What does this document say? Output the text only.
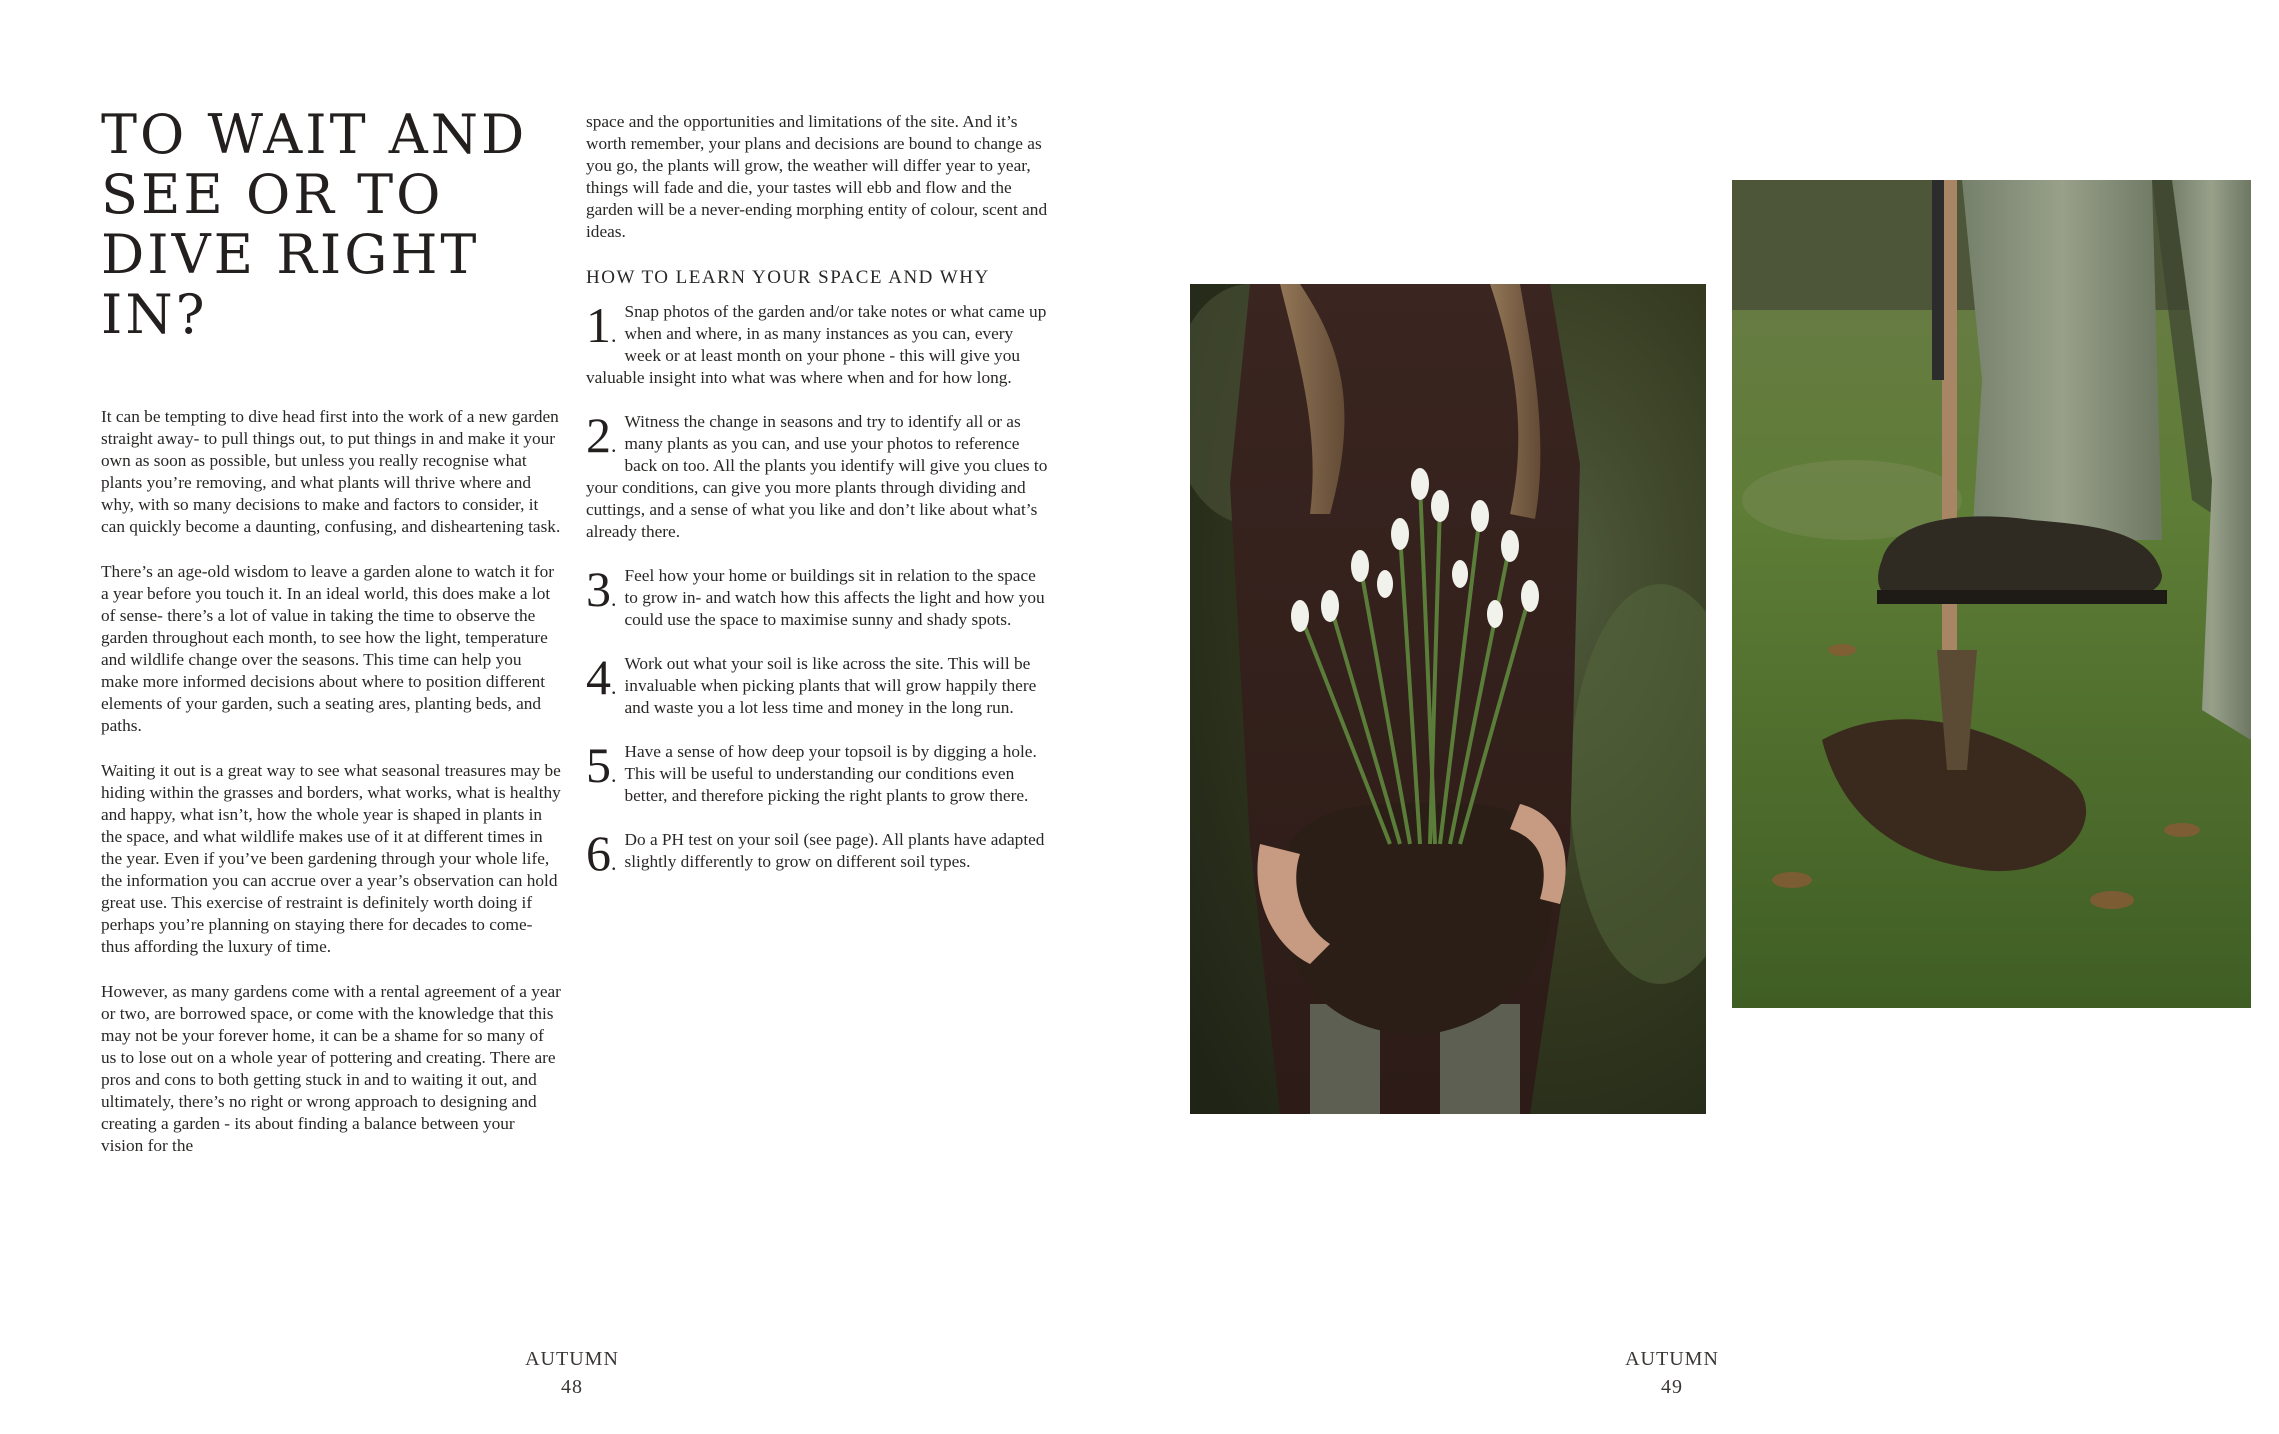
TO WAIT AND SEE OR TO DIVE RIGHT IN?

It can be tempting to dive head first into the work of a new garden straight away- to pull things out, to put things in and make it your own as soon as possible, but unless you really recognise what plants you’re removing, and what plants will thrive where and why, with so many decisions to make and factors to consider, it can quickly become a daunting, confusing, and disheartening task.

There’s an age-old wisdom to leave a garden alone to watch it for a year before you touch it. In an ideal world, this does make a lot of sense- there’s a lot of value in taking the time to observe the garden throughout each month, to see how the light, temperature and wildlife change over the seasons. This time can help you make more informed decisions about where to position different elements of your garden, such a seating ares, planting beds, and paths.

Waiting it out is a great way to see what seasonal treasures may be hiding within the grasses and borders, what works, what is healthy and happy, what isn’t, how the whole year is shaped in plants in the space, and what wildlife makes use of it at different times in the year. Even if you’ve been gardening through your whole life, the information you can accrue over a year’s observation can hold great use. This exercise of restraint is definitely worth doing if perhaps you’re planning on staying there for decades to come- thus affording the luxury of time.

However, as many gardens come with a rental agreement of a year or two, are borrowed space, or come with the knowledge that this may not be your forever home, it can be a shame for so many of us to lose out on a whole year of pottering and creating. There are pros and cons to both getting stuck in and to waiting it out, and ultimately, there’s no right or wrong approach to designing and creating a garden - its about finding a balance between your vision for the

space and the opportunities and limitations of the site. And it’s worth remember, your plans and decisions are bound to change as you go, the plants will grow, the weather will differ year to year, things will fade and die, your tastes will ebb and flow and the garden will be a never-ending morphing entity of colour, scent and ideas.

HOW TO LEARN YOUR SPACE AND WHY
1.
Snap photos of the garden and/or take notes or what came up when and where, in as many instances as you can, every week or at least month on your phone - this will give you valuable insight into what was where when and for how long.
2.
Witness the change in seasons and try to identify all or as many plants as you can, and use your photos to reference back on too. All the plants you identify will give you clues to your conditions, can give you more plants through dividing and cuttings, and a sense of what you like and don’t like about what’s already there.
3.
Feel how your home or buildings sit in relation to the space to grow in- and watch how this affects the light and how you could use the space to maximise sunny and shady spots.
4.
Work out what your soil is like across the site. This will be invaluable when picking plants that will grow happily there and waste you a lot less time and money in the long run.
5.
Have a sense of how deep your topsoil is by digging a hole. This will be useful to understanding our conditions even better, and therefore picking the right plants to grow there.
6.
Do a PH test on your soil (see page). All plants have adapted slightly differently to grow on different soil types.
AUTUMN
48
AUTUMN
49
